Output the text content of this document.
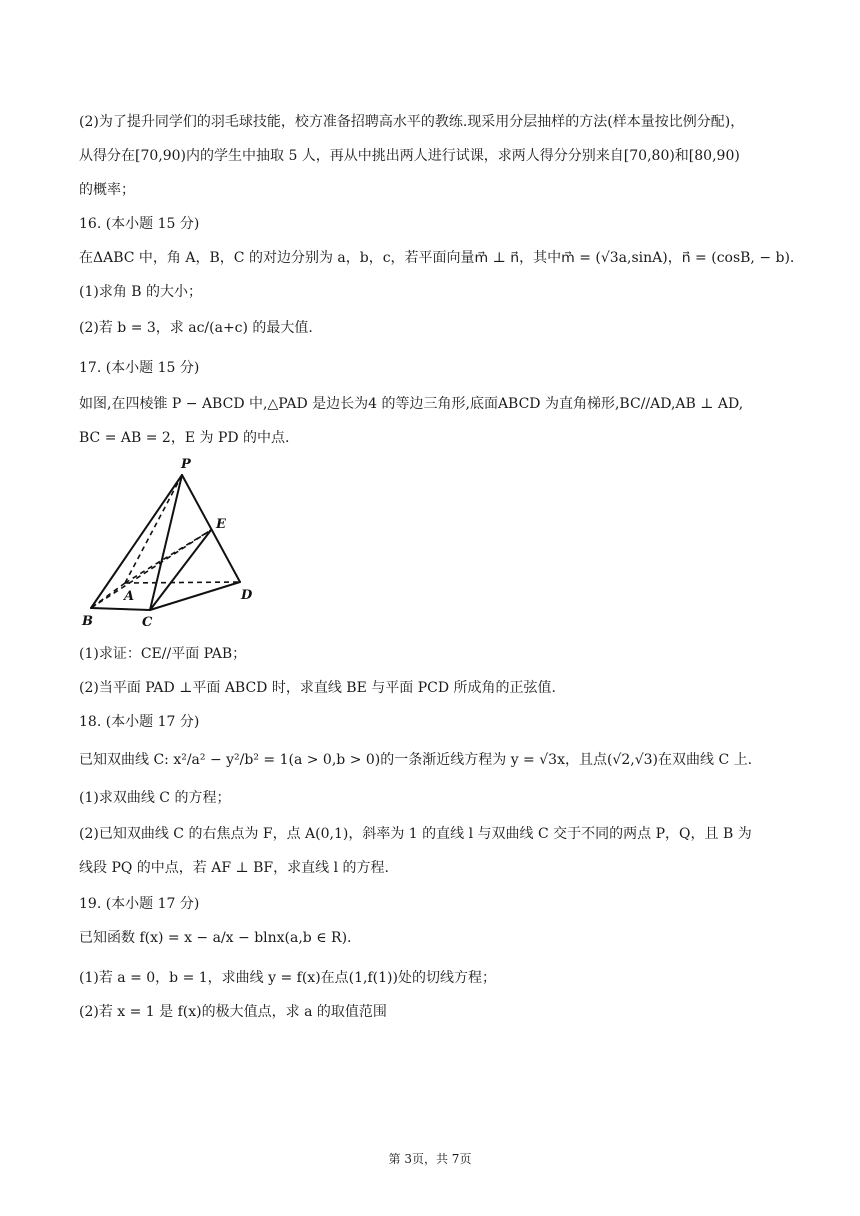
(2)为了提升同学们的羽毛球技能，校方准备招聘高水平的教练.现采用分层抽样的方法(样本量按比例分配)，
从得分在[70,90)内的学生中抽取 5 人，再从中挑出两人进行试课，求两人得分分别来自[70,80)和[80,90)
的概率；
16. (本小题 15 分)
在ΔABC 中，角 A，B，C 的对边分别为 a，b，c，若平面向量m⃗ ⊥ n⃗，其中m⃗ = (√3a,sinA)，n⃗ = (cosB, − b).
(1)求角 B 的大小；
(2)若 b = 3，求 ac/(a+c) 的最大值.
17. (本小题 15 分)
如图,在四棱锥 P − ABCD 中,△PAD 是边长为4 的等边三角形,底面ABCD 为直角梯形,BC//AD,AB ⊥ AD,
BC = AB = 2，E 为 PD 的中点.
P
E
A	D
B	C
(1)求证：CE//平面 PAB；
(2)当平面 PAD ⊥平面 ABCD 时，求直线 BE 与平面 PCD 所成角的正弦值.
18. (本小题 17 分)
已知双曲线 C: x²/a² − y²/b² = 1(a > 0,b > 0)的一条渐近线方程为 y = √3x，且点(√2,√3)在双曲线 C 上.
(1)求双曲线 C 的方程；
(2)已知双曲线 C 的右焦点为 F，点 A(0,1)，斜率为 1 的直线 l 与双曲线 C 交于不同的两点 P，Q，且 B 为
线段 PQ 的中点，若 AF ⊥ BF，求直线 l 的方程.
19. (本小题 17 分)
已知函数 f(x) = x − a/x − blnx(a,b ∈ R).
(1)若 a = 0，b = 1，求曲线 y = f(x)在点(1,f(1))处的切线方程；
(2)若 x = 1 是 f(x)的极大值点，求 a 的取值范围
第 3页，共 7页
